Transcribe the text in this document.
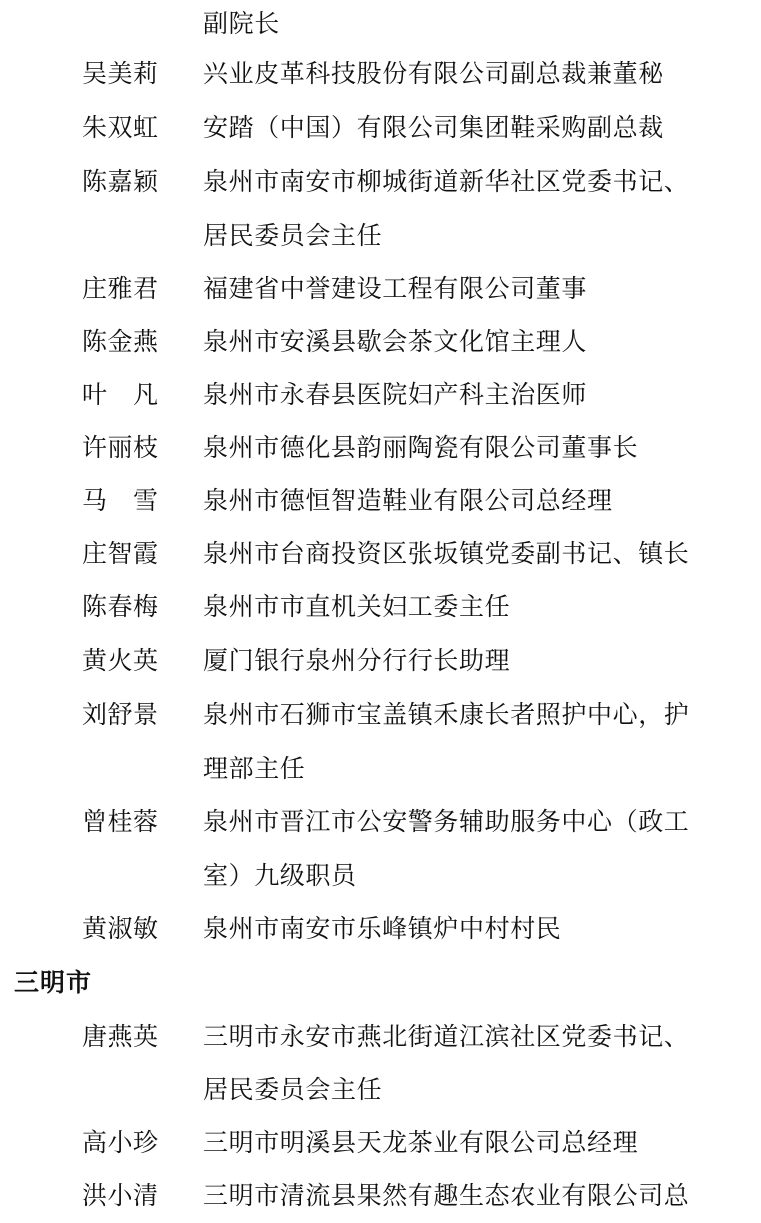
副院长
吴美莉 兴业皮革科技股份有限公司副总裁兼董秘
朱双虹 安踏（中国）有限公司集团鞋采购副总裁
陈嘉颖 泉州市南安市柳城街道新华社区党委书记、
居民委员会主任
庄雅君 福建省中誉建设工程有限公司董事
陈金燕 泉州市安溪县歇会茶文化馆主理人
叶　凡 泉州市永春县医院妇产科主治医师
许丽枝 泉州市德化县韵丽陶瓷有限公司董事长
马　雪 泉州市德恒智造鞋业有限公司总经理
庄智霞 泉州市台商投资区张坂镇党委副书记、镇长
陈春梅 泉州市市直机关妇工委主任
黄火英 厦门银行泉州分行行长助理
刘舒景 泉州市石狮市宝盖镇禾康长者照护中心，护
理部主任
曾桂蓉 泉州市晋江市公安警务辅助服务中心（政工
室）九级职员
黄淑敏 泉州市南安市乐峰镇炉中村村民
三明市
唐燕英 三明市永安市燕北街道江滨社区党委书记、
居民委员会主任
高小珍 三明市明溪县天龙茶业有限公司总经理
洪小清 三明市清流县果然有趣生态农业有限公司总
